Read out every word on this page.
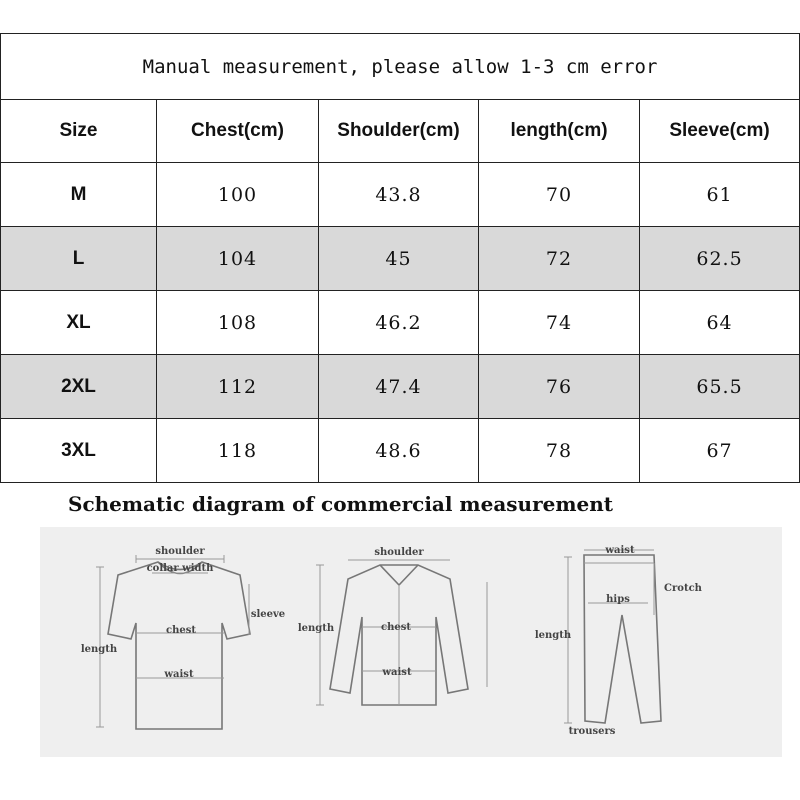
Manual measurement, please allow 1-3 cm error				
Size	Chest(cm)	Shoulder(cm)	length(cm)	Sleeve(cm)
M	100	43.8	70	61
L	104	45	72	62.5
XL	108	46.2	74	64
2XL	112	47.4	76	65.5
3XL	118	48.6	78	67
Schematic diagram of commercial measurement
shoulder
collar width
sleeve
chest
length
waist
shoulder
length	chest
waist
waist
Crotch
hips
length
trousers
